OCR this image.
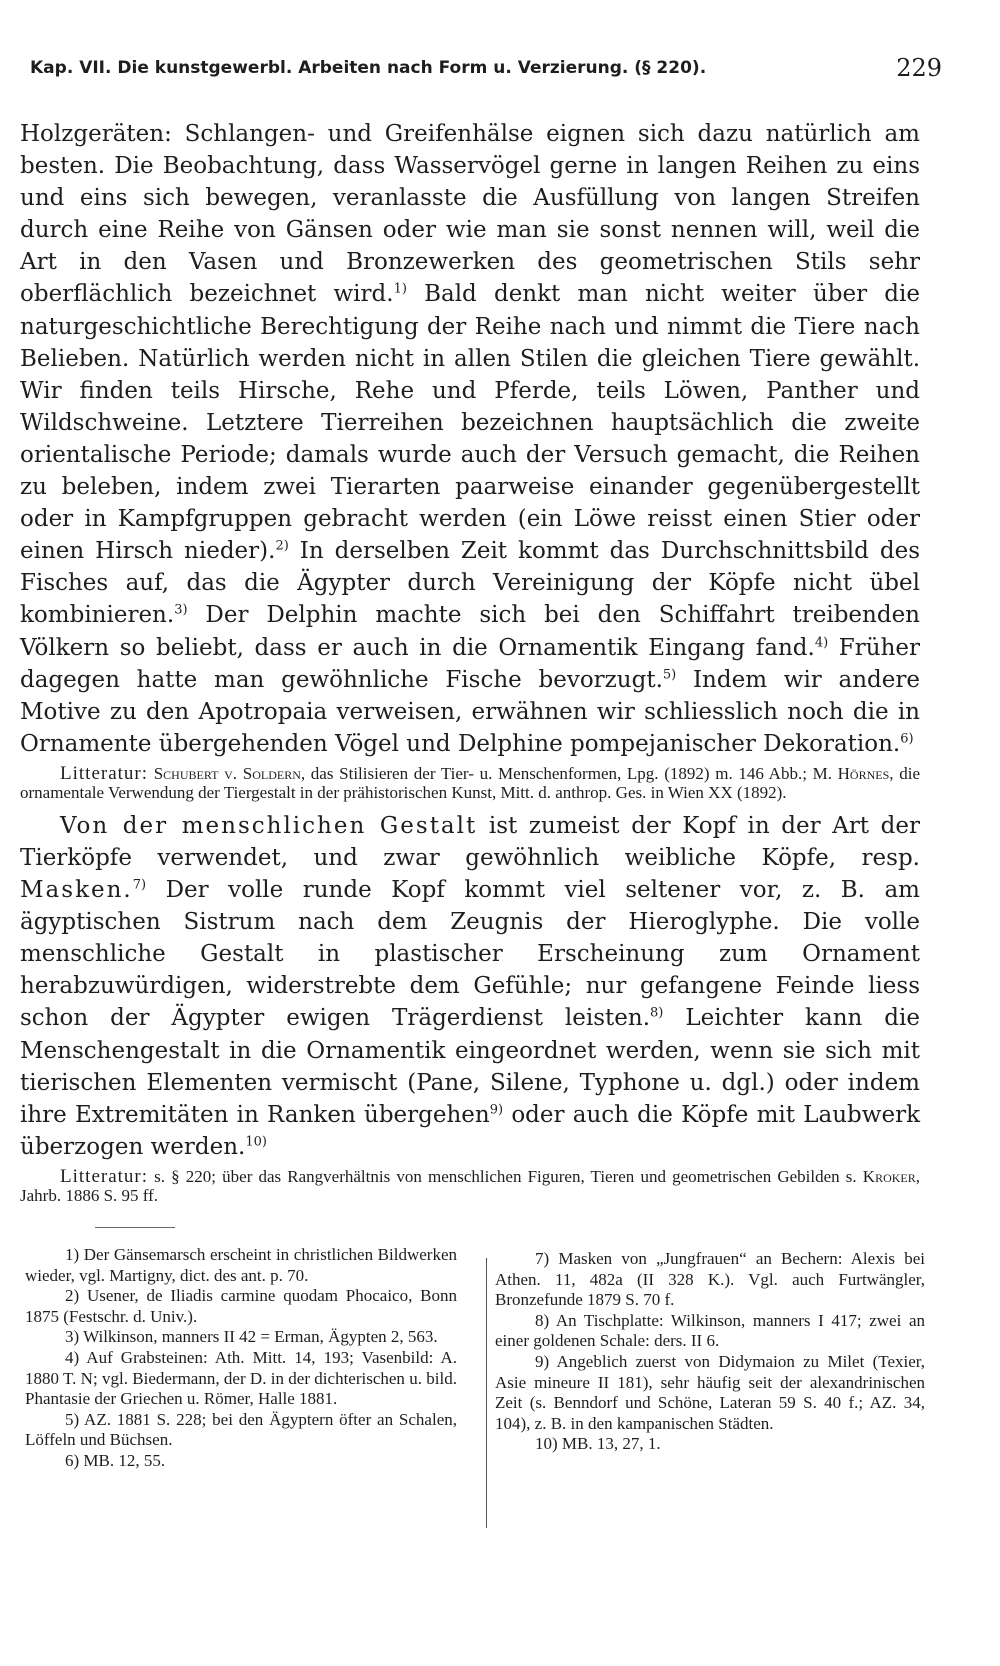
Kap. VII. Die kunstgewerbl. Arbeiten nach Form u. Verzierung. (§ 220).	229

Holzgeräten: Schlangen- und Greifenhälse eignen sich dazu natürlich am besten. Die Beobachtung, dass Wasservögel gerne in langen Reihen zu eins und eins sich bewegen, veranlasste die Ausfüllung von langen Streifen durch eine Reihe von Gänsen oder wie man sie sonst nennen will, weil die Art in den Vasen und Bronzewerken des geometrischen Stils sehr oberflächlich bezeichnet wird.$^{1)}$ Bald denkt man nicht weiter über die naturgeschichtliche Berechtigung der Reihe nach und nimmt die Tiere nach Belieben. Natürlich werden nicht in allen Stilen die gleichen Tiere gewählt. Wir finden teils Hirsche, Rehe und Pferde, teils Löwen, Panther und Wildschweine. Letztere Tierreihen bezeichnen hauptsächlich die zweite orientalische Periode; damals wurde auch der Versuch gemacht, die Reihen zu beleben, indem zwei Tierarten paarweise einander gegenübergestellt oder in Kampfgruppen gebracht werden (ein Löwe reisst einen Stier oder einen Hirsch nieder).$^{2)}$ In derselben Zeit kommt das Durchschnittsbild des Fisches auf, das die Ägypter durch Vereinigung der Köpfe nicht übel kombinieren.$^{3)}$ Der Delphin machte sich bei den Schiffahrt treibenden Völkern so beliebt, dass er auch in die Ornamentik Eingang fand.$^{4)}$ Früher dagegen hatte man gewöhnliche Fische bevorzugt.$^{5)}$ Indem wir andere Motive zu den Apotropaia verweisen, erwähnen wir schliesslich noch die in Ornamente übergehenden Vögel und Delphine pompejanischer Dekoration.$^{6)}$

Litteratur: Schubert v. Soldern, das Stilisieren der Tier- u. Menschenformen, Lpg. (1892) m. 146 Abb.; M. Hörnes, die ornamentale Verwendung der Tiergestalt in der prähistorischen Kunst, Mitt. d. anthrop. Ges. in Wien XX (1892).

Von der menschlichen Gestalt ist zumeist der Kopf in der Art der Tierköpfe verwendet, und zwar gewöhnlich weibliche Köpfe, resp. Masken.$^{7)}$ Der volle runde Kopf kommt viel seltener vor, z. B. am ägyptischen Sistrum nach dem Zeugnis der Hieroglyphe. Die volle menschliche Gestalt in plastischer Erscheinung zum Ornament herabzuwürdigen, widerstrebte dem Gefühle; nur gefangene Feinde liess schon der Ägypter ewigen Trägerdienst leisten.$^{8)}$ Leichter kann die Menschengestalt in die Ornamentik eingeordnet werden, wenn sie sich mit tierischen Elementen vermischt (Pane, Silene, Typhone u. dgl.) oder indem ihre Extremitäten in Ranken übergehen$^{9)}$ oder auch die Köpfe mit Laubwerk überzogen werden.$^{10)}$

Litteratur: s. § 220; über das Rangverhältnis von menschlichen Figuren, Tieren und geometrischen Gebilden s. Kroker, Jahrb. 1886 S. 95 ff.

1) Der Gänsemarsch erscheint in christlichen Bildwerken wieder, vgl. Martigny, dict. des ant. p. 70.

2) Usener, de Iliadis carmine quodam Phocaico, Bonn 1875 (Festschr. d. Univ.).

3) Wilkinson, manners II 42 = Erman, Ägypten 2, 563.

4) Auf Grabsteinen: Ath. Mitt. 14, 193; Vasenbild: A. 1880 T. N; vgl. Biedermann, der D. in der dichterischen u. bild. Phantasie der Griechen u. Römer, Halle 1881.

5) AZ. 1881 S. 228; bei den Ägyptern öfter an Schalen, Löffeln und Büchsen.

6) MB. 12, 55.

7) Masken von „Jungfrauen“ an Bechern: Alexis bei Athen. 11, 482a (II 328 K.). Vgl. auch Furtwängler, Bronzefunde 1879 S. 70 f.

8) An Tischplatte: Wilkinson, manners I 417; zwei an einer goldenen Schale: ders. II 6.

9) Angeblich zuerst von Didymaion zu Milet (Texier, Asie mineure II 181), sehr häufig seit der alexandrinischen Zeit (s. Benndorf und Schöne, Lateran 59 S. 40 f.; AZ. 34, 104), z. B. in den kampanischen Städten.

10) MB. 13, 27, 1.
